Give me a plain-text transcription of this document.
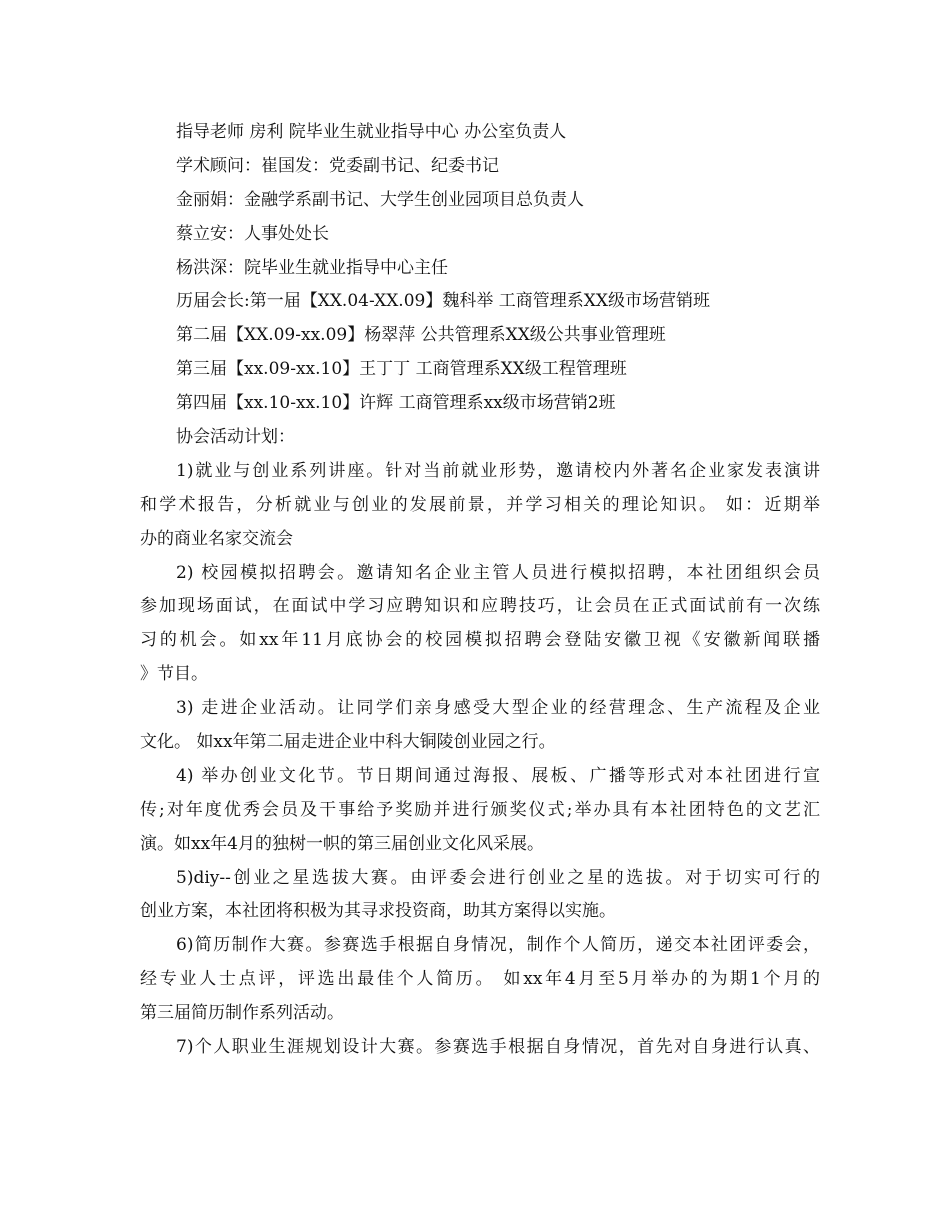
指导老师 房利 院毕业生就业指导中心 办公室负责人
学术顾问：崔国发：党委副书记、纪委书记
金丽娟：金融学系副书记、大学生创业园项目总负责人
蔡立安：人事处处长
杨洪深：院毕业生就业指导中心主任
历届会长:第一届【XX.04-XX.09】魏科举 工商管理系XX级市场营销班
第二届【XX.09-xx.09】杨翠萍 公共管理系XX级公共事业管理班
第三届【xx.09-xx.10】王丁丁 工商管理系XX级工程管理班
第四届【xx.10-xx.10】许辉 工商管理系xx级市场营销2班
协会活动计划：
1)就业与创业系列讲座。针对当前就业形势，邀请校内外著名企业家发表演讲
和学术报告，分析就业与创业的发展前景，并学习相关的理论知识。 如：近期举
办的商业名家交流会
2) 校园模拟招聘会。邀请知名企业主管人员进行模拟招聘，本社团组织会员
参加现场面试，在面试中学习应聘知识和应聘技巧，让会员在正式面试前有一次练
习的机会。如xx年11月底协会的校园模拟招聘会登陆安徽卫视《安徽新闻联播
》节目。
3) 走进企业活动。让同学们亲身感受大型企业的经营理念、生产流程及企业
文化。 如xx年第二届走进企业中科大铜陵创业园之行。
4) 举办创业文化节。节日期间通过海报、展板、广播等形式对本社团进行宣
传;对年度优秀会员及干事给予奖励并进行颁奖仪式;举办具有本社团特色的文艺汇
演。如xx年4月的独树一帜的第三届创业文化风采展。
5)diy--创业之星选拔大赛。由评委会进行创业之星的选拔。对于切实可行的
创业方案，本社团将积极为其寻求投资商，助其方案得以实施。
6)简历制作大赛。参赛选手根据自身情况，制作个人简历，递交本社团评委会，
经专业人士点评，评选出最佳个人简历。 如xx年4月至5月举办的为期1个月的
第三届简历制作系列活动。
7)个人职业生涯规划设计大赛。参赛选手根据自身情况，首先对自身进行认真、
